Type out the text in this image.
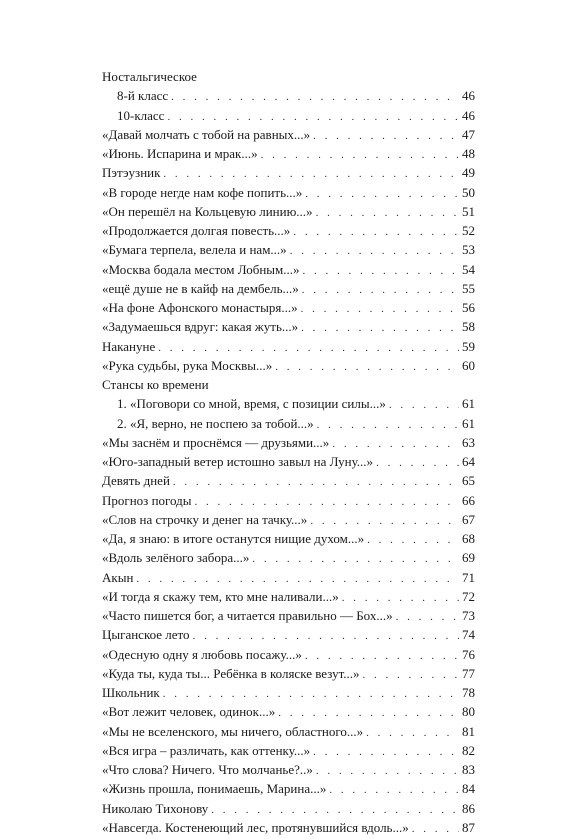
Ностальгическое
8-й класс . . .	46
10-класс . . .	46
«Давай молчать с тобой на равных...» . . .	47
«Июнь. Испарина и мрак...» . . .	48
Пэтэузник . . .	49
«В городе негде нам кофе попить...» . . .	50
«Он перешёл на Кольцевую линию...» . . .	51
«Продолжается долгая повесть...» . . .	52
«Бумага терпела, велела и нам...» . . .	53
«Москва бодала местом Лобным...» . . .	54
«ещё душе не в кайф на дембель...» . . .	55
«На фоне Афонского монастыря...» . . .	56
«Задумаешься вдруг: какая жуть...» . . .	58
Накануне . . .	59
«Рука судьбы, рука Москвы...» . . .	60
Стансы ко времени
1. «Поговори со мной, время, с позиции силы...» . . .	61
2. «Я, верно, не поспею за тобой...» . . .	61
«Мы заснём и проснёмся — друзьями...» . . .	63
«Юго-западный ветер истошно завыл на Луну...» . . .	64
Девять дней . . .	65
Прогноз погоды . . .	66
«Слов на строчку и денег на тачку...» . . .	67
«Да, я знаю: в итоге останутся нищие духом...» . . .	68
«Вдоль зелёного забора...» . . .	69
Акын . . .	71
«И тогда я скажу тем, кто мне наливали...» . . .	72
«Часто пишется бог, а читается правильно — Бох...» . . .	73
Цыганское лето . . .	74
«Одесную одну я любовь посажу...» . . .	76
«Куда ты, куда ты... Ребёнка в коляске везут...» . . .	77
Школьник . . .	78
«Вот лежит человек, одинок...» . . .	80
«Мы не вселенского, мы ничего, областного...» . . .	81
«Вся игра – различать, как оттенку...» . . .	82
«Что слова? Ничего. Что молчанье?..» . . .	83
«Жизнь прошла, понимаешь, Марина...» . . .	84
Николаю Тихонову . . .	86
«Навсегда. Костенеющий лес, протянувшийся вдоль...» . . .	87
